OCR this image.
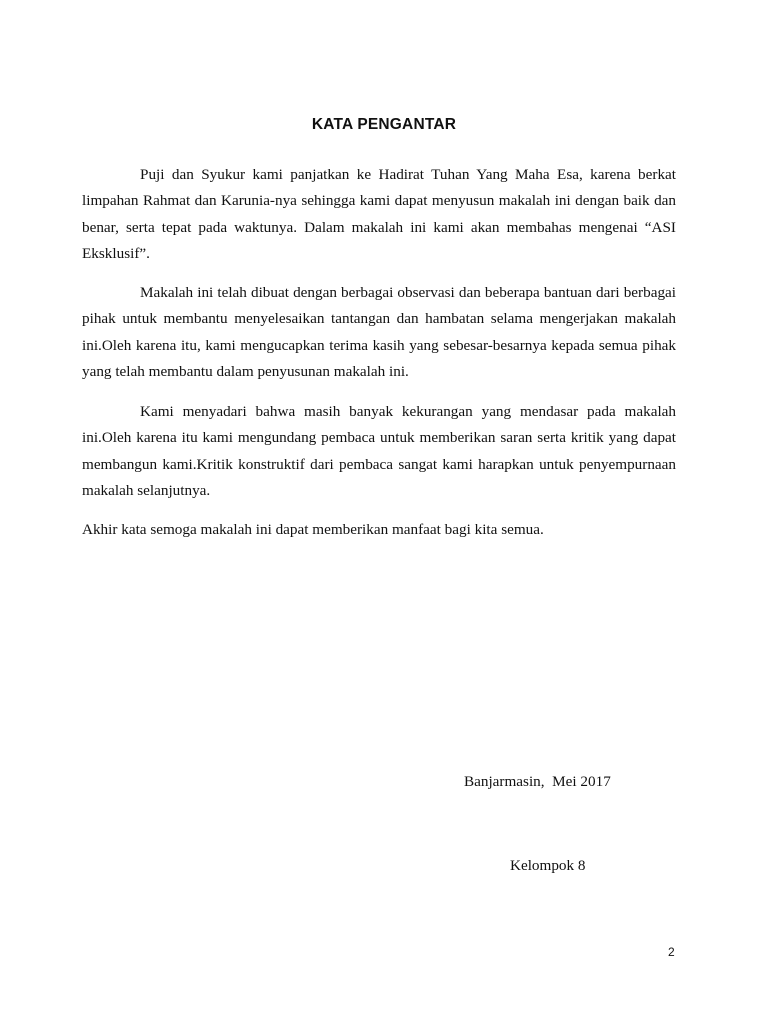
KATA PENGANTAR

Puji dan Syukur kami panjatkan ke Hadirat Tuhan Yang Maha Esa, karena berkat limpahan Rahmat dan Karunia-nya sehingga kami dapat menyusun makalah ini dengan baik dan benar, serta tepat pada waktunya. Dalam makalah ini kami akan membahas mengenai “ASI Eksklusif”.

Makalah ini telah dibuat dengan berbagai observasi dan beberapa bantuan dari berbagai pihak untuk membantu menyelesaikan tantangan dan hambatan selama mengerjakan makalah ini.Oleh karena itu, kami mengucapkan terima kasih yang sebesar-besarnya kepada semua pihak yang telah membantu dalam penyusunan makalah ini.

Kami menyadari bahwa masih banyak kekurangan yang mendasar pada makalah ini.Oleh karena itu kami mengundang pembaca untuk memberikan saran serta kritik yang dapat membangun kami.Kritik konstruktif dari pembaca sangat kami harapkan untuk penyempurnaan makalah selanjutnya.

Akhir kata semoga makalah ini dapat memberikan manfaat bagi kita semua.

Banjarmasin,  Mei 2017
Kelompok 8
2
